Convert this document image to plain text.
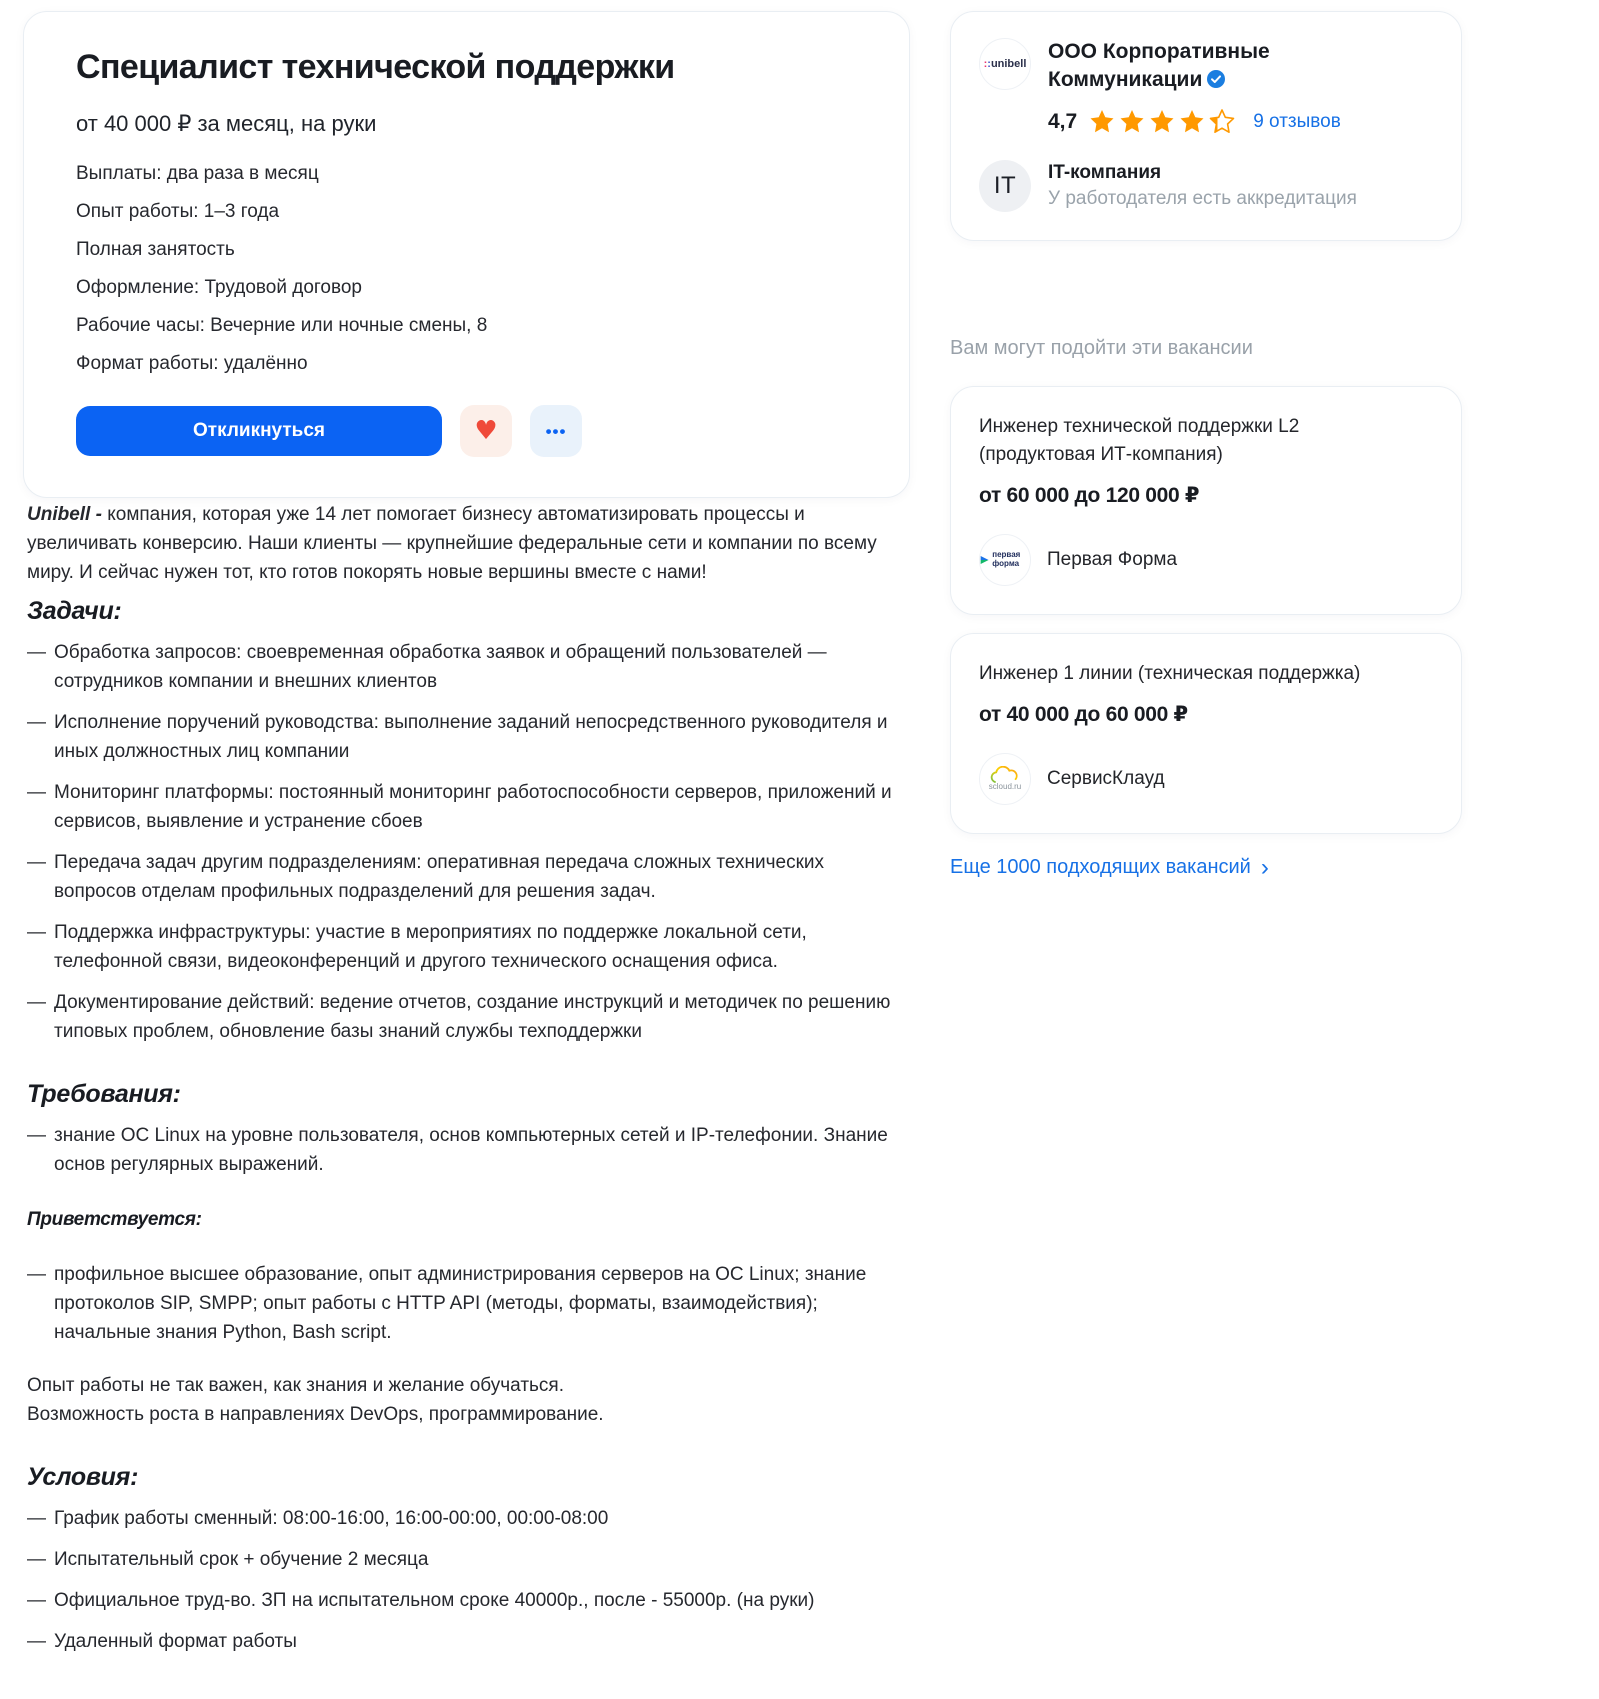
Специалист технической поддержки
от 40 000 ₽ за месяц, на руки
Выплаты: два раза в месяц
Опыт работы: 1–3 года
Полная занятость
Оформление: Трудовой договор
Рабочие часы: Вечерние или ночные смены, 8
Формат работы: удалённо
Откликнуться	♥	•••

Unibell - компания, которая уже 14 лет помогает бизнесу автоматизировать процессы и увеличивать конверсию. Наши клиенты — крупнейшие федеральные сети и компании по всему миру. И сейчас нужен тот, кто готов покорять новые вершины вместе с нами!

Задачи:
— Обработка запросов: своевременная обработка заявок и обращений пользователей — сотрудников компании и внешних клиентов
— Исполнение поручений руководства: выполнение заданий непосредственного руководителя и иных должностных лиц компании
— Мониторинг платформы: постоянный мониторинг работоспособности серверов, приложений и сервисов, выявление и устранение сбоев
— Передача задач другим подразделениям: оперативная передача сложных технических вопросов отделам профильных подразделений для решения задач.
— Поддержка инфраструктуры: участие в мероприятиях по поддержке локальной сети, телефонной связи, видеоконференций и другого технического оснащения офиса.
— Документирование действий: ведение отчетов, создание инструкций и методичек по решению типовых проблем, обновление базы знаний службы техподдержки
Требования:
— знание ОС Linux на уровне пользователя, основ компьютерных сетей и IP-телефонии. Знание основ регулярных выражений.
Приветствуется:
— профильное высшее образование, опыт администрирования серверов на ОС Linux; знание протоколов SIP, SMPP; опыт работы с HTTP API (методы, форматы, взаимодействия); начальные знания Python, Bash script.
Опыт работы не так важен, как знания и желание обучаться.
Возможность роста в направлениях DevOps, программирование.
Условия:
— График работы сменный: 08:00-16:00, 16:00-00:00, 00:00-08:00
— Испытательный срок + обучение 2 месяца
— Официальное труд-во. ЗП на испытательном сроке 40000р., после - 55000р. (на руки)
— Удаленный формат работы
::unibell
ООО Корпоративные Коммуникации
4,7	9 отзывов
IT	IT-компания
У работодателя есть аккредитация
Вам могут подойти эти вакансии
Инженер технической поддержки L2 (продуктовая ИТ-компания)
от 60 000 до 120 000 ₽
первая форма	Первая Форма
Инженер 1 линии (техническая поддержка)
от 40 000 до 60 000 ₽
scloud.ru СервисКлауд
Еще 1000 подходящих вакансий ›
